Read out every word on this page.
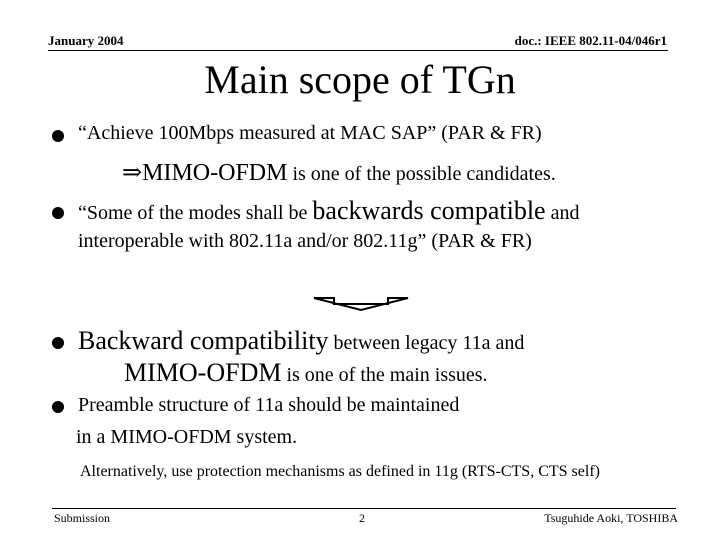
January 2004	doc.: IEEE 802.11-04/046r1
Main scope of TGn
“Achieve 100Mbps measured at MAC SAP” (PAR & FR)
⇒MIMO-OFDM is one of the possible candidates.
“Some of the modes shall be backwards compatible and
interoperable with 802.11a and/or 802.11g” (PAR & FR)
Backward compatibility between legacy 11a and
MIMO-OFDM is one of the main issues.
Preamble structure of 11a should be maintained
in a MIMO-OFDM system.
Alternatively, use protection mechanisms as defined in 11g (RTS-CTS, CTS self)
Submission	2	Tsuguhide Aoki, TOSHIBA
